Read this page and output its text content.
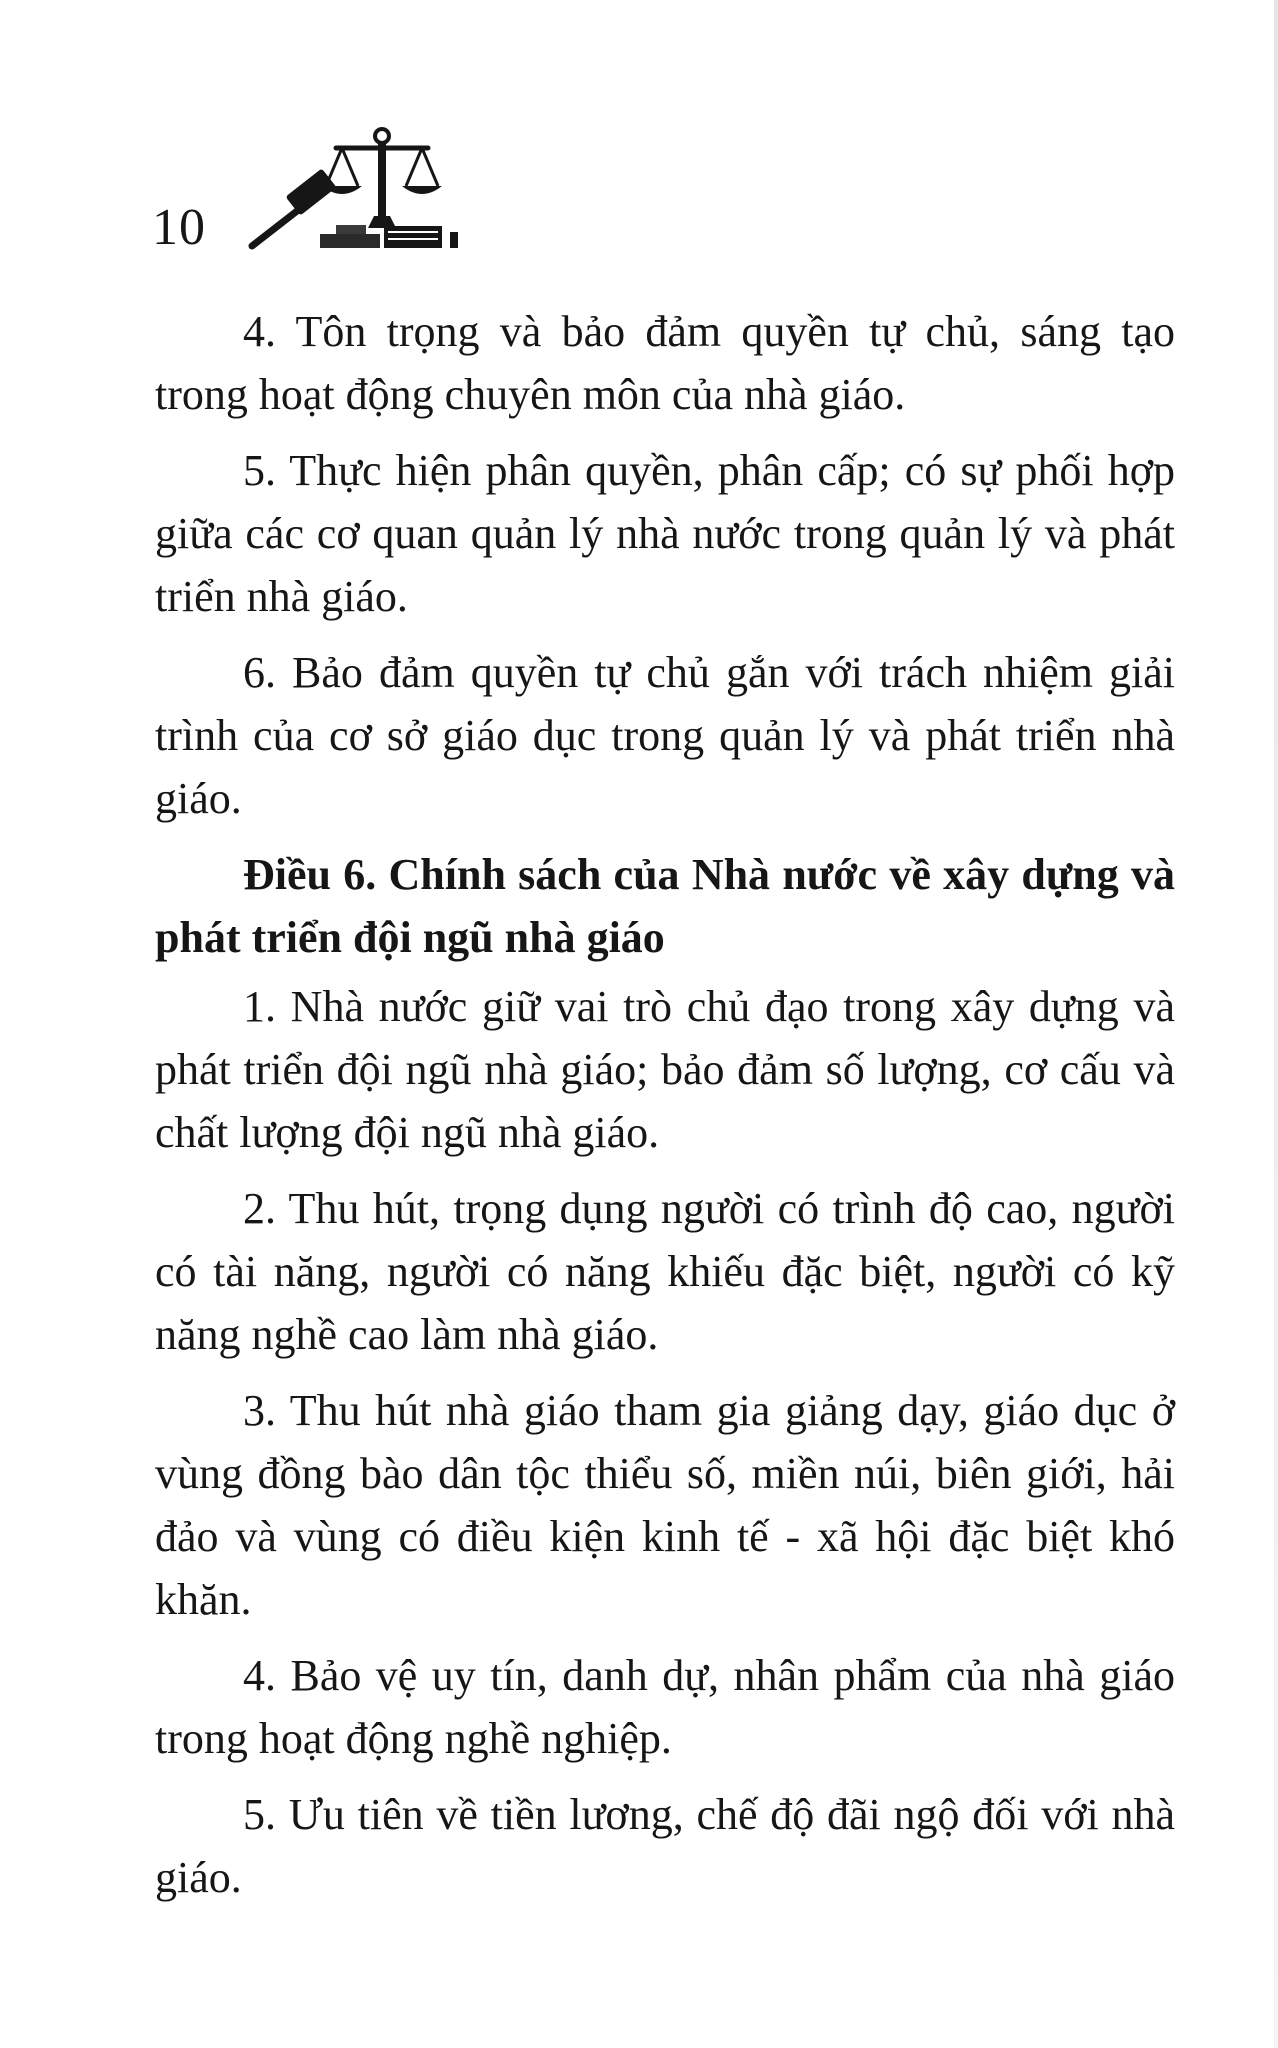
10

4. Tôn trọng và bảo đảm quyền tự chủ, sáng tạo trong hoạt động chuyên môn của nhà giáo.

5. Thực hiện phân quyền, phân cấp; có sự phối hợp giữa các cơ quan quản lý nhà nước trong quản lý và phát triển nhà giáo.

6. Bảo đảm quyền tự chủ gắn với trách nhiệm giải trình của cơ sở giáo dục trong quản lý và phát triển nhà giáo.

Điều 6. Chính sách của Nhà nước về xây dựng và phát triển đội ngũ nhà giáo

1. Nhà nước giữ vai trò chủ đạo trong xây dựng và phát triển đội ngũ nhà giáo; bảo đảm số lượng, cơ cấu và chất lượng đội ngũ nhà giáo.

2. Thu hút, trọng dụng người có trình độ cao, người có tài năng, người có năng khiếu đặc biệt, người có kỹ năng nghề cao làm nhà giáo.

3. Thu hút nhà giáo tham gia giảng dạy, giáo dục ở vùng đồng bào dân tộc thiểu số, miền núi, biên giới, hải đảo và vùng có điều kiện kinh tế - xã hội đặc biệt khó khăn.

4. Bảo vệ uy tín, danh dự, nhân phẩm của nhà giáo trong hoạt động nghề nghiệp.

5. Ưu tiên về tiền lương, chế độ đãi ngộ đối với nhà giáo.
